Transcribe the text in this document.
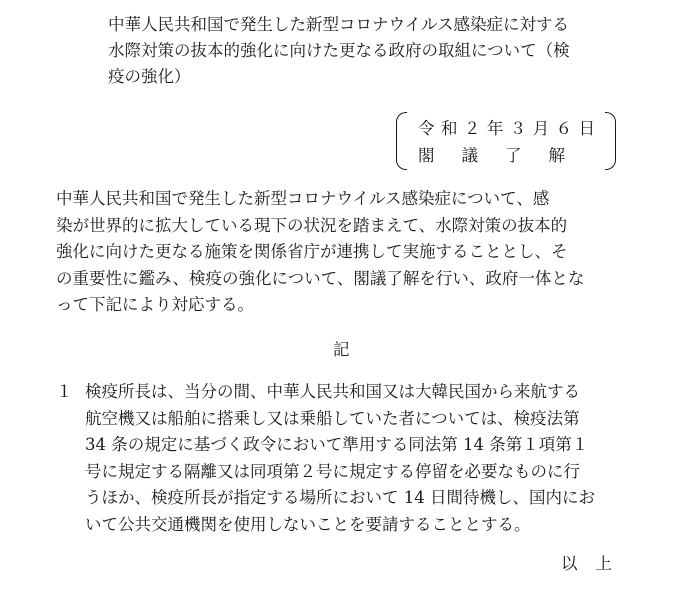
中華人民共和国で発生した新型コロナウイルス感染症に対する
水際対策の抜本的強化に向けた更なる政府の取組について（検
疫の強化）
令 和 ２ 年 ３ 月 ６ 日
閣議了解
中華人民共和国で発生した新型コロナウイルス感染症について、感
染が世界的に拡大している現下の状況を踏まえて、水際対策の抜本的
強化に向けた更なる施策を関係省庁が連携して実施することとし、そ
の重要性に鑑み、検疫の強化について、閣議了解を行い、政府一体とな
って下記により対応する。
記
１ 検疫所長は、当分の間、中華人民共和国又は大韓民国から来航する
航空機又は船舶に搭乗し又は乗船していた者については、検疫法第
34 条の規定に基づく政令において準用する同法第 14 条第１項第１
号に規定する隔離又は同項第２号に規定する停留を必要なものに行
うほか、検疫所長が指定する場所において 14 日間待機し、国内にお
いて公共交通機関を使用しないことを要請することとする。
以上
